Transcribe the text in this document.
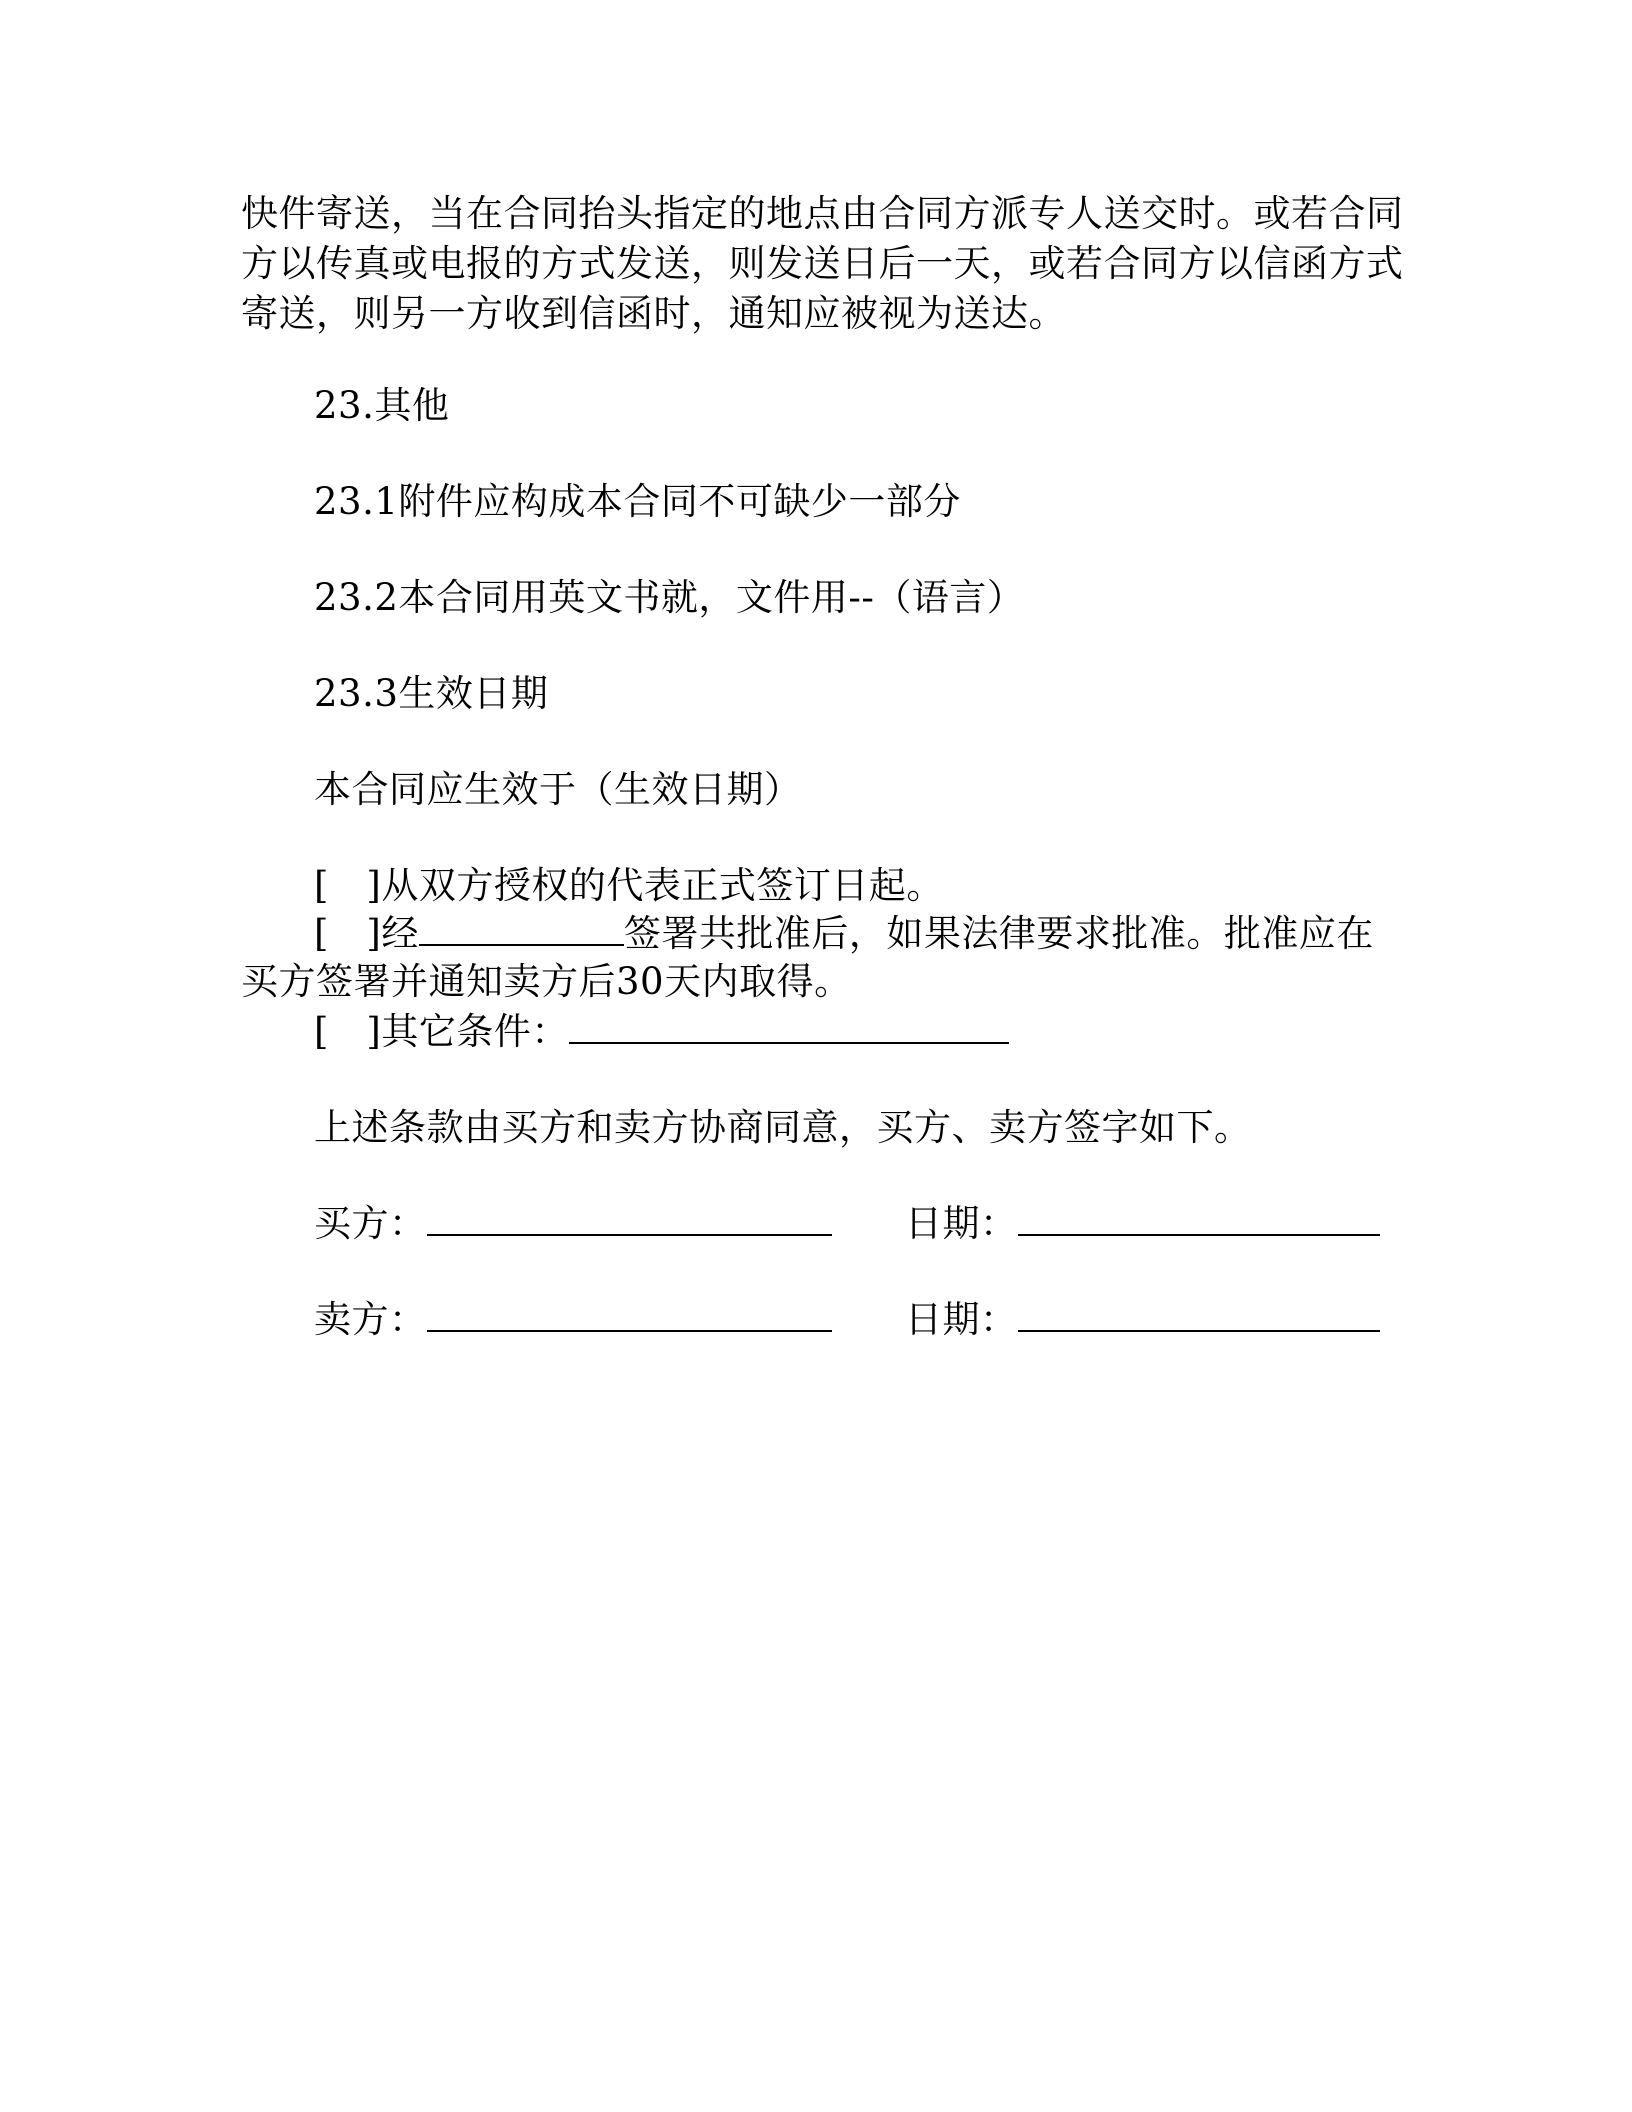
快件寄送，当在合同抬头指定的地点由合同方派专人送交时。或若合同
方以传真或电报的方式发送，则发送日后一天，或若合同方以信函方式
寄送，则另一方收到信函时，通知应被视为送达。
23.其他
23.1附件应构成本合同不可缺少一部分
23.2本合同用英文书就，文件用--（语言）
23.3生效日期
本合同应生效于（生效日期）
[　]从双方授权的代表正式签订日起。
[　]经	签署共批准后，如果法律要求批准。批准应在
买方签署并通知卖方后30天内取得。
[　]其它条件：
上述条款由买方和卖方协商同意，买方、卖方签字如下。
买方：	日期：
卖方：	日期：
